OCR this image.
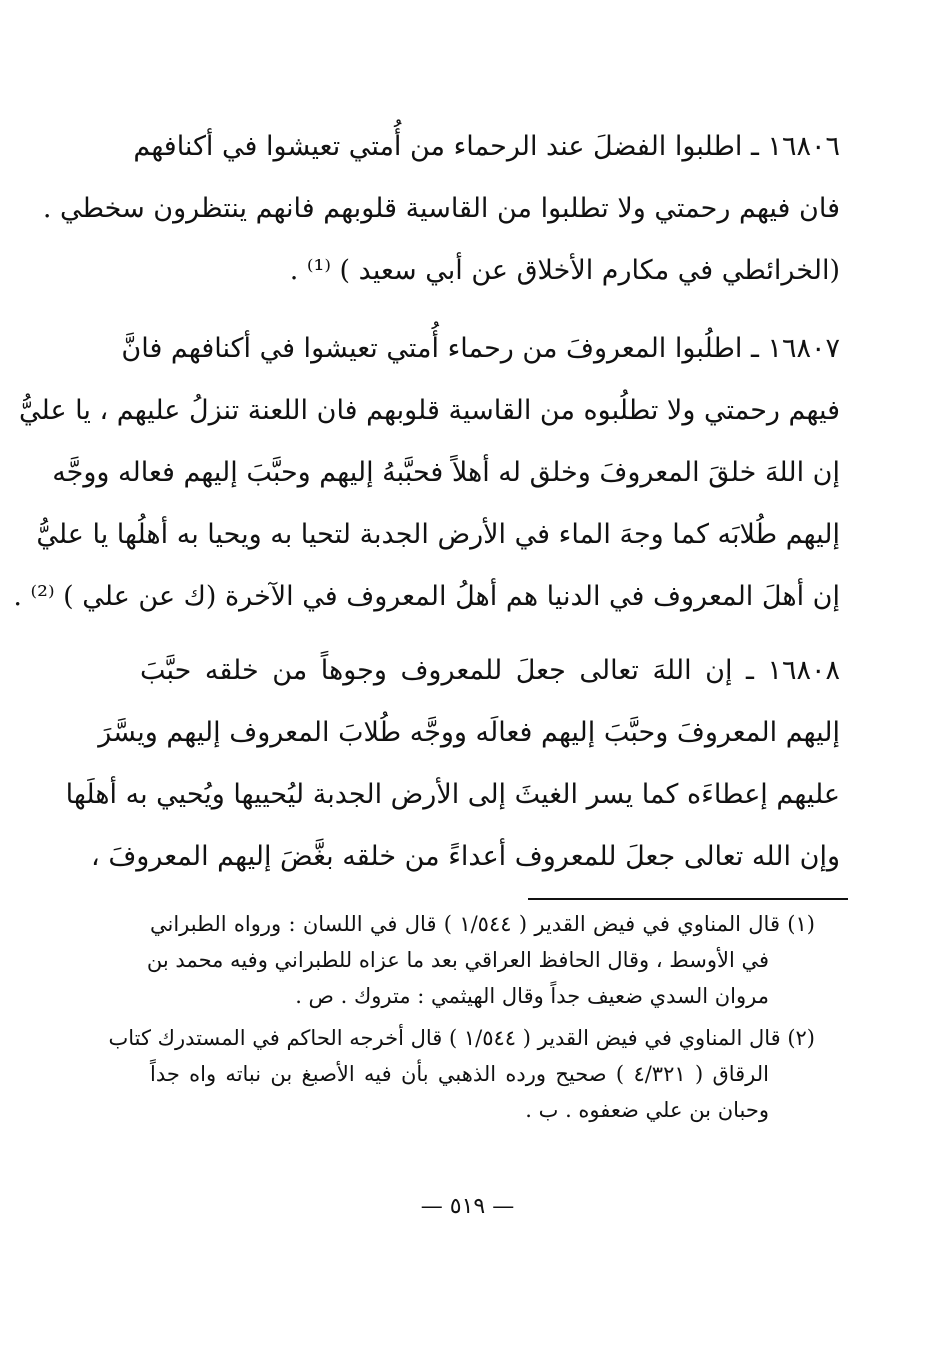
١٦٨٠٦ ـ اطلبوا الفضلَ عند الرحماء من أُمتي تعيشوا في أكنافهم
فان فيهم رحمتي ولا تطلبوا من القاسية قلوبهم فانهم ينتظرون سخطي .
(الخرائطي في مكارم الأخلاق عن أبي سعيد ) ⁽¹⁾ .
١٦٨٠٧ ـ اطلُبوا المعروفَ من رحماء أُمتي تعيشوا في أكنافهم فانَّ
فيهم رحمتي ولا تطلُبوه من القاسية قلوبهم فان اللعنة تنزلُ عليهم ، يا عليُّ
إن اللهَ خلقَ المعروفَ وخلق له أهلاً فحبَّبهُ إليهم وحبَّبَ إليهم فعاله ووجَّه
إليهم طُلابَه كما وجهَ الماء في الأرض الجدبة لتحيا به ويحيا به أهلُها يا عليُّ
إن أهلَ المعروف في الدنيا هم أهلُ المعروف في الآخرة (ك عن علي ) ⁽²⁾ .
١٦٨٠٨ ـ إن اللهَ تعالى جعلَ للمعروف وجوهاً من خلقه حبَّبَ
إليهم المعروفَ وحبَّبَ إليهم فعالَه ووجَّه طُلابَ المعروف إليهم ويسَّرَ
عليهم إعطاءَه كما يسر الغيثَ إلى الأرض الجدبة ليُحييها ويُحيي به أهلَها
وإن الله تعالى جعلَ للمعروف أعداءً من خلقه بغَّضَ إليهم المعروفَ ،
(١) قال المناوي في فيض القدير ( ١/٥٤٤ ) قال في اللسان : ورواه الطبراني
في الأوسط ، وقال الحافظ العراقي بعد ما عزاه للطبراني وفيه محمد بن
مروان السدي ضعيف جداً وقال الهيثمي : متروك . ص .
(٢) قال المناوي في فيض القدير ( ١/٥٤٤ ) قال أخرجه الحاكم في المستدرك كتاب
الرقاق ( ٤/٣٢١ ) صحيح ورده الذهبي بأن فيه الأصبغ بن نباته واه جداً
وحبان بن علي ضعفوه . ب .
— ٥١٩ —
